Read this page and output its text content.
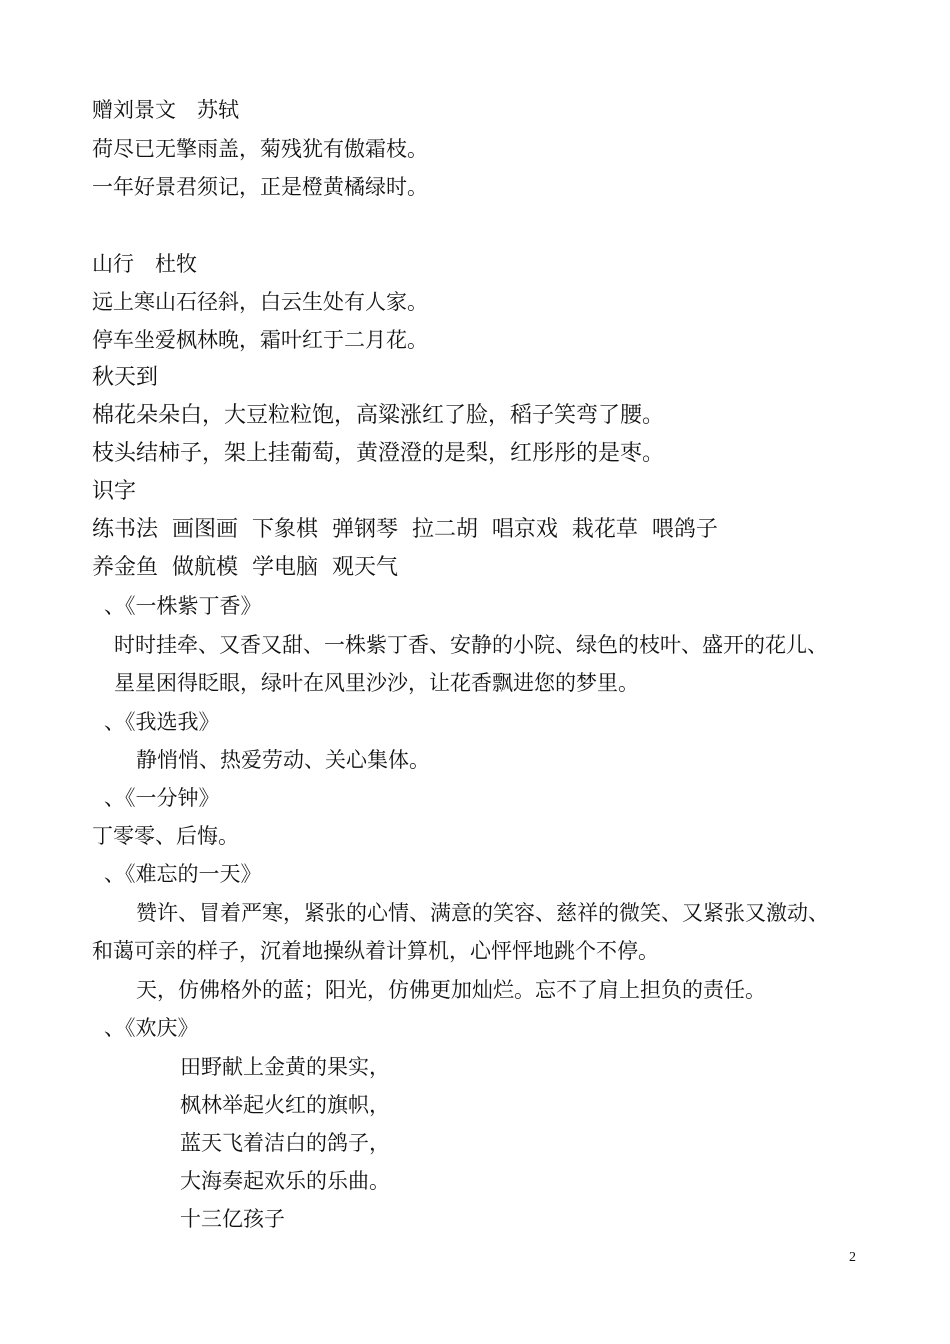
赠刘景文　苏轼
荷尽已无擎雨盖，菊残犹有傲霜枝。
一年好景君须记，正是橙黄橘绿时。
山行　杜牧
远上寒山石径斜，白云生处有人家。
停车坐爱枫林晚，霜叶红于二月花。
秋天到
棉花朵朵白，大豆粒粒饱，高粱涨红了脸，稻子笑弯了腰。
枝头结柿子，架上挂葡萄，黄澄澄的是梨，红彤彤的是枣。
识字
练书法  画图画  下象棋  弹钢琴  拉二胡  唱京戏  栽花草  喂鸽子
养金鱼  做航模  学电脑  观天气
、《一株紫丁香》
时时挂牵、又香又甜、一株紫丁香、安静的小院、绿色的枝叶、盛开的花儿、
星星困得眨眼，绿叶在风里沙沙，让花香飘进您的梦里。
、《我选我》
静悄悄、热爱劳动、关心集体。
、《一分钟》
丁零零、后悔。
、《难忘的一天》
赞许、冒着严寒，紧张的心情、满意的笑容、慈祥的微笑、又紧张又激动、
和蔼可亲的样子，沉着地操纵着计算机，心怦怦地跳个不停。
天，仿佛格外的蓝；阳光，仿佛更加灿烂。忘不了肩上担负的责任。
、《欢庆》
田野献上金黄的果实，
枫林举起火红的旗帜，
蓝天飞着洁白的鸽子，
大海奏起欢乐的乐曲。
十三亿孩子
2
